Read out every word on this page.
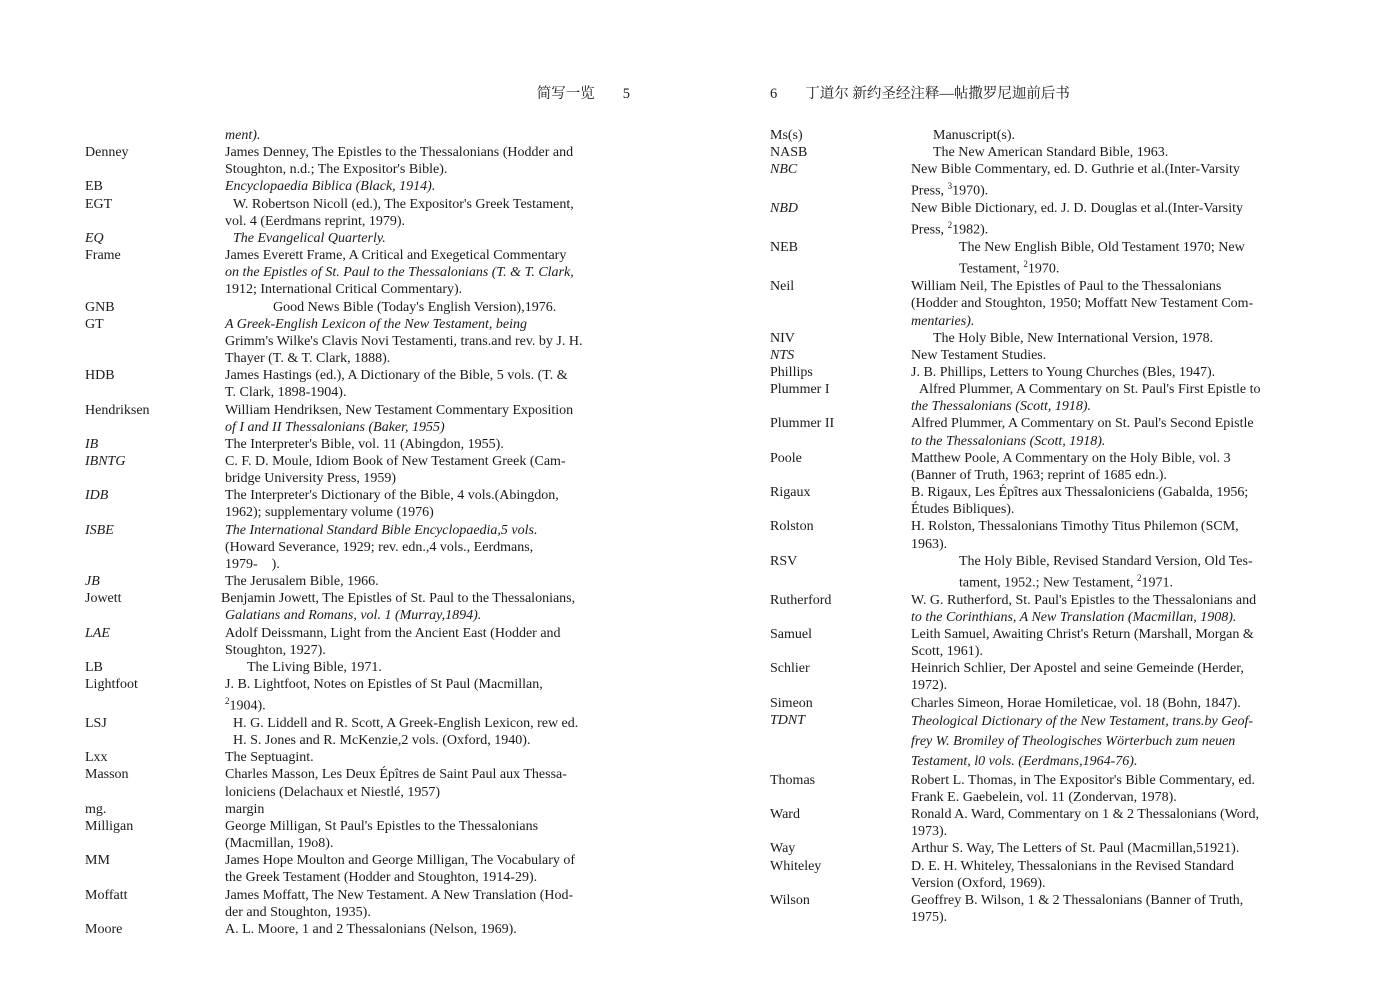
简写一览 5
ment).
Denney	James Denney, The Epistles to the Thessalonians (Hodder and
Stoughton, n.d.; The Expositor's Bible).
EB	Encyclopaedia Biblica (Black, 1914).
EGT	W. Robertson Nicoll (ed.), The Expositor's Greek Testament,
vol. 4 (Eerdmans reprint, 1979).
EQ	The Evangelical Quarterly.
Frame	James Everett Frame, A Critical and Exegetical Commentary
on the Epistles of St. Paul to the Thessalonians (T. & T. Clark,
1912; International Critical Commentary).
GNB	Good News Bible (Today's English Version),1976.
GT	A Greek-English Lexicon of the New Testament, being
Grimm's Wilke's Clavis Novi Testamenti, trans.and rev. by J. H.
Thayer (T. & T. Clark, 1888).
HDB	James Hastings (ed.), A Dictionary of the Bible, 5 vols. (T. &
T. Clark, 1898-1904).
Hendriksen	William Hendriksen, New Testament Commentary Exposition
of I and II Thessalonians (Baker, 1955)
IB	The Interpreter's Bible, vol. 11 (Abingdon, 1955).
IBNTG	C. F. D. Moule, Idiom Book of New Testament Greek (Cam-
bridge University Press, 1959)
IDB	The Interpreter's Dictionary of the Bible, 4 vols.(Abingdon,
1962); supplementary volume (1976)
ISBE	The International Standard Bible Encyclopaedia,5 vols.
(Howard Severance, 1929; rev. edn.,4 vols., Eerdmans,
1979-    ).
JB	The Jerusalem Bible, 1966.
Jowett	Benjamin Jowett, The Epistles of St. Paul to the Thessalonians,
Galatians and Romans, vol. 1 (Murray,1894).
LAE	Adolf Deissmann, Light from the Ancient East (Hodder and
Stoughton, 1927).
LB	The Living Bible, 1971.
Lightfoot	J. B. Lightfoot, Notes on Epistles of St Paul (Macmillan,
$^2$1904).
LSJ	H. G. Liddell and R. Scott, A Greek-English Lexicon, rew ed.
H. S. Jones and R. McKenzie,2 vols. (Oxford, 1940).
Lxx	The Septuagint.
Masson	Charles Masson, Les Deux Épîtres de Saint Paul aux Thessa-
loniciens (Delachaux et Niestlé, 1957)
mg.	margin
Milligan	George Milligan, St Paul's Epistles to the Thessalonians
(Macmillan, 19o8).
MM	James Hope Moulton and George Milligan, The Vocabulary of
the Greek Testament (Hodder and Stoughton, 1914-29).
Moffatt	James Moffatt, The New Testament. A New Translation (Hod-
der and Stoughton, 1935).
Moore	A. L. Moore, 1 and 2 Thessalonians (Nelson, 1969).
6 丁道尔 新约圣经注释—帖撒罗尼迦前后书
Ms(s)	Manuscript(s).
NASB	The New American Standard Bible, 1963.
NBC	New Bible Commentary, ed. D. Guthrie et al.(Inter-Varsity
Press, $^3$1970).
NBD	New Bible Dictionary, ed. J. D. Douglas et al.(Inter-Varsity
Press, $^2$1982).
NEB	The New English Bible, Old Testament 1970; New
Testament, $^2$1970.
Neil	William Neil, The Epistles of Paul to the Thessalonians
(Hodder and Stoughton, 1950; Moffatt New Testament Com-
mentaries).
NIV	The Holy Bible, New International Version, 1978.
NTS	New Testament Studies.
Phillips	J. B. Phillips, Letters to Young Churches (Bles, 1947).
Plummer I	Alfred Plummer, A Commentary on St. Paul's First Epistle to
the Thessalonians (Scott, 1918).
Plummer II	Alfred Plummer, A Commentary on St. Paul's Second Epistle
to the Thessalonians (Scott, 1918).
Poole	Matthew Poole, A Commentary on the Holy Bible, vol. 3
(Banner of Truth, 1963; reprint of 1685 edn.).
Rigaux	B. Rigaux, Les Épîtres aux Thessaloniciens (Gabalda, 1956;
Études Bibliques).
Rolston	H. Rolston, Thessalonians Timothy Titus Philemon (SCM,
1963).
RSV	The Holy Bible, Revised Standard Version, Old Tes-
tament, 1952.; New Testament, $^2$1971.
Rutherford	W. G. Rutherford, St. Paul's Epistles to the Thessalonians and
to the Corinthians, A New Translation (Macmillan, 1908).
Samuel	Leith Samuel, Awaiting Christ's Return (Marshall, Morgan &
Scott, 1961).
Schlier	Heinrich Schlier, Der Apostel and seine Gemeinde (Herder,
1972).
Simeon	Charles Simeon, Horae Homileticae, vol. 18 (Bohn, 1847).
TDNT	Theological Dictionary of the New Testament, trans.by Geof-
frey W. Bromiley of Theologisches Wӧrterbuch zum neuen
Testament, l0 vols. (Eerdmans,1964-76).
Thomas	Robert L. Thomas, in The Expositor's Bible Commentary, ed.
Frank E. Gaebelein, vol. 11 (Zondervan, 1978).
Ward	Ronald A. Ward, Commentary on 1 & 2 Thessalonians (Word,
1973).
Way	Arthur S. Way, The Letters of St. Paul (Macmillan,51921).
Whiteley	D. E. H. Whiteley, Thessalonians in the Revised Standard
Version (Oxford, 1969).
Wilson	Geoffrey B. Wilson, 1 & 2 Thessalonians (Banner of Truth,
1975).
